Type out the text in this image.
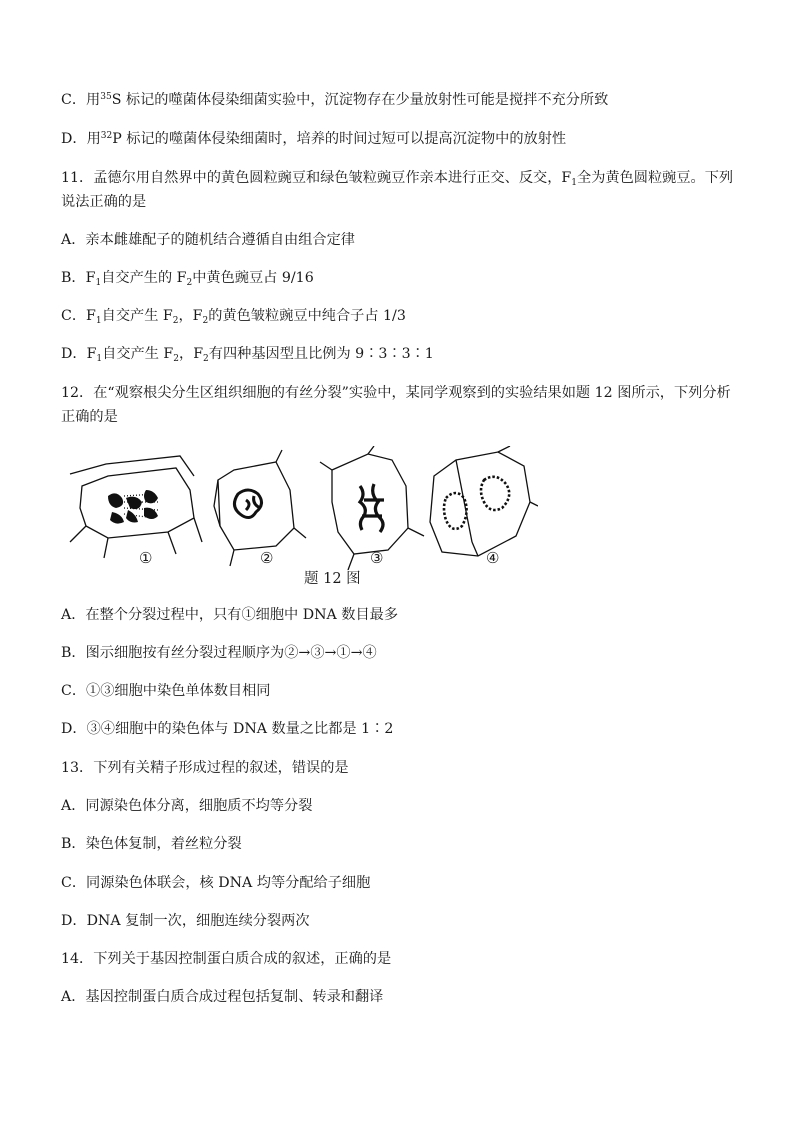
C．用$^{35}$S 标记的噬菌体侵染细菌实验中，沉淀物存在少量放射性可能是搅拌不充分所致
D．用$^{32}$P 标记的噬菌体侵染细菌时，培养的时间过短可以提高沉淀物中的放射性
11．孟德尔用自然界中的黄色圆粒豌豆和绿色皱粒豌豆作亲本进行正交、反交，$F_1$全为黄色圆粒豌豆。下列
说法正确的是
A．亲本雌雄配子的随机结合遵循自由组合定律
B．$F_1$自交产生的 $F_2$中黄色豌豆占 9/16
C．$F_1$自交产生 $F_2$，$F_2$的黄色皱粒豌豆中纯合子占 1/3
D．$F_1$自交产生 $F_2$，$F_2$有四种基因型且比例为 9∶3∶3∶1
12．在“观察根尖分生区组织细胞的有丝分裂”实验中，某同学观察到的实验结果如题 12 图所示，下列分析
正确的是
①	②	③	④
题 12 图
A．在整个分裂过程中，只有①细胞中 DNA 数目最多
B．图示细胞按有丝分裂过程顺序为②→③→①→④
C．①③细胞中染色单体数目相同
D．③④细胞中的染色体与 DNA 数量之比都是 1∶2
13．下列有关精子形成过程的叙述，错误的是
A．同源染色体分离，细胞质不均等分裂
B．染色体复制，着丝粒分裂
C．同源染色体联会，核 DNA 均等分配给子细胞
D．DNA 复制一次，细胞连续分裂两次
14．下列关于基因控制蛋白质合成的叙述，正确的是
A．基因控制蛋白质合成过程包括复制、转录和翻译
